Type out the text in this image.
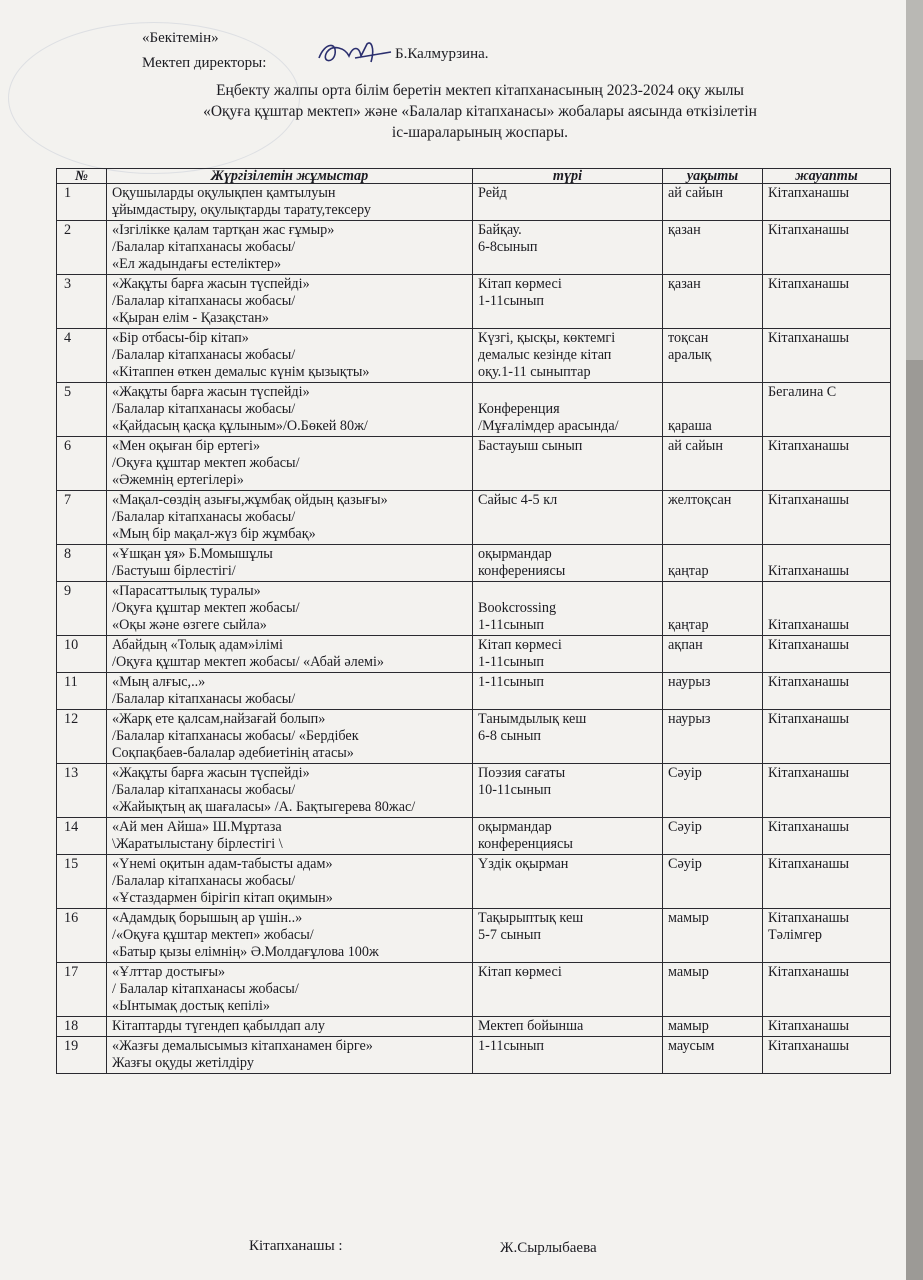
«Бекітемін»
Мектеп директоры:
Б.Калмурзина.
Еңбекту жалпы орта білім беретін мектеп кітапханасының 2023-2024 оқу жылы
«Оқуға құштар мектеп» және «Балалар кітапханасы» жобалары аясында өткізілетін
іс-шараларының жоспары.
№	Жүргізілетін жұмыстар	түрі	уақыты	жауапты
1	Оқушыларды оқулықпен қамтылуын
ұйымдастыру, оқулықтарды тарату,тексеру	Рейд	ай сайын	Кітапханашы

2	«Ізгілікке қалам тартқан жас ғұмыр»
/Балалар кітапханасы жобасы/
«Ел жадындағы естеліктер»	Байқау.
6-8сынып	қазан	Кітапханашы

3	«Жақұты барға жасын түспейді»
/Балалар кітапханасы жобасы/
«Қыран елім - Қазақстан»	Кітап көрмесі
1-11сынып	қазан	Кітапханашы

4	«Бір отбасы-бір кітап»
/Балалар кітапханасы жобасы/
«Кітаппен өткен демалыс күнім қызықты»	Күзгі, қысқы, көктемгі
демалыс кезінде кітап
оқу.1-11 сыныптар	тоқсан
аралық	Кітапханашы

5	«Жақұты барға жасын түспейді»
/Балалар кітапханасы жобасы/
«Қайдасың қасқа құлыным»/О.Бөкей 80ж/	Конференция
/Мұғалімдер арасында/	қараша	Бегалина С

6	«Мен оқыған бір ертегі»
/Оқуға құштар мектеп жобасы/
«Әжемнің ертегілері»	Бастауыш сынып	ай сайын	Кітапханашы

7	«Мақал-сөздің азығы,жұмбақ ойдың қазығы»
/Балалар кітапханасы жобасы/
«Мың бір мақал-жүз бір жұмбақ»	Сайыс 4-5 кл	желтоқсан	Кітапханашы

8	«Ұшқан ұя» Б.Момышұлы
/Бастуыш бірлестігі/	оқырмандар
конференияcы	қаңтар	Кітапханашы

9	«Парасаттылық туралы»
/Оқуға құштар мектеп жобасы/
«Оқы және өзгеге сыйла»	Bookcrossing
1-11сынып	қаңтар	Кітапханашы

10	Абайдың «Толық адам»ілімі
/Оқуға құштар мектеп жобасы/ «Абай әлемі»	Кітап көрмесі
1-11сынып	ақпан	Кітапханашы

11	«Мың алғыс,..»
/Балалар кітапханасы жобасы/	1-11сынып	наурыз	Кітапханашы

12	«Жарқ ете қалсам,найзағай болып»
/Балалар кітапханасы жобасы/ «Бердібек
Соқпақбаев-балалар әдебиетінің атасы»	Танымдылық кеш
6-8 сынып	наурыз	Кітапханашы

13	«Жақұты барға жасын түспейді»
/Балалар кітапханасы жобасы/
«Жайықтың ақ шағаласы» /А. Бақтыгерева 80жас/	Поэзия сағаты
10-11сынып	Сәуір	Кітапханашы

14	«Ай мен Айша» Ш.Мұртаза
\Жаратылыстану бірлестігі \	оқырмандар
конференциясы	Сәуір	Кітапханашы

15	«Үнемі оқитын адам-табысты адам»
/Балалар кітапханасы жобасы/
«Ұстаздармен бірігіп кітап оқимын»	Үздік оқырман	Сәуір	Кітапханашы

16	«Адамдық борышың ар үшін..»
/«Оқуға құштар мектеп» жобасы/
«Батыр қызы елімнің» Ә.Молдағұлова 100ж	Тақырыптық кеш
5-7 сынып	мамыр	Кітапханашы
Тәлімгер

17	«Ұлттар достығы»
/ Балалар кітапханасы жобасы/
«Ынтымақ достық кепілі»	Кітап көрмесі	мамыр	Кітапханашы

18	Кітаптарды түгендеп қабылдап алу	Мектеп бойынша	мамыр	Кітапханашы

19	«Жазғы демалысымыз кітапханамен бірге»
Жазғы оқуды жетілдіру	1-11сынып	маусым	Кітапханашы
Кітапханашы :	Ж.Сырлыбаева
